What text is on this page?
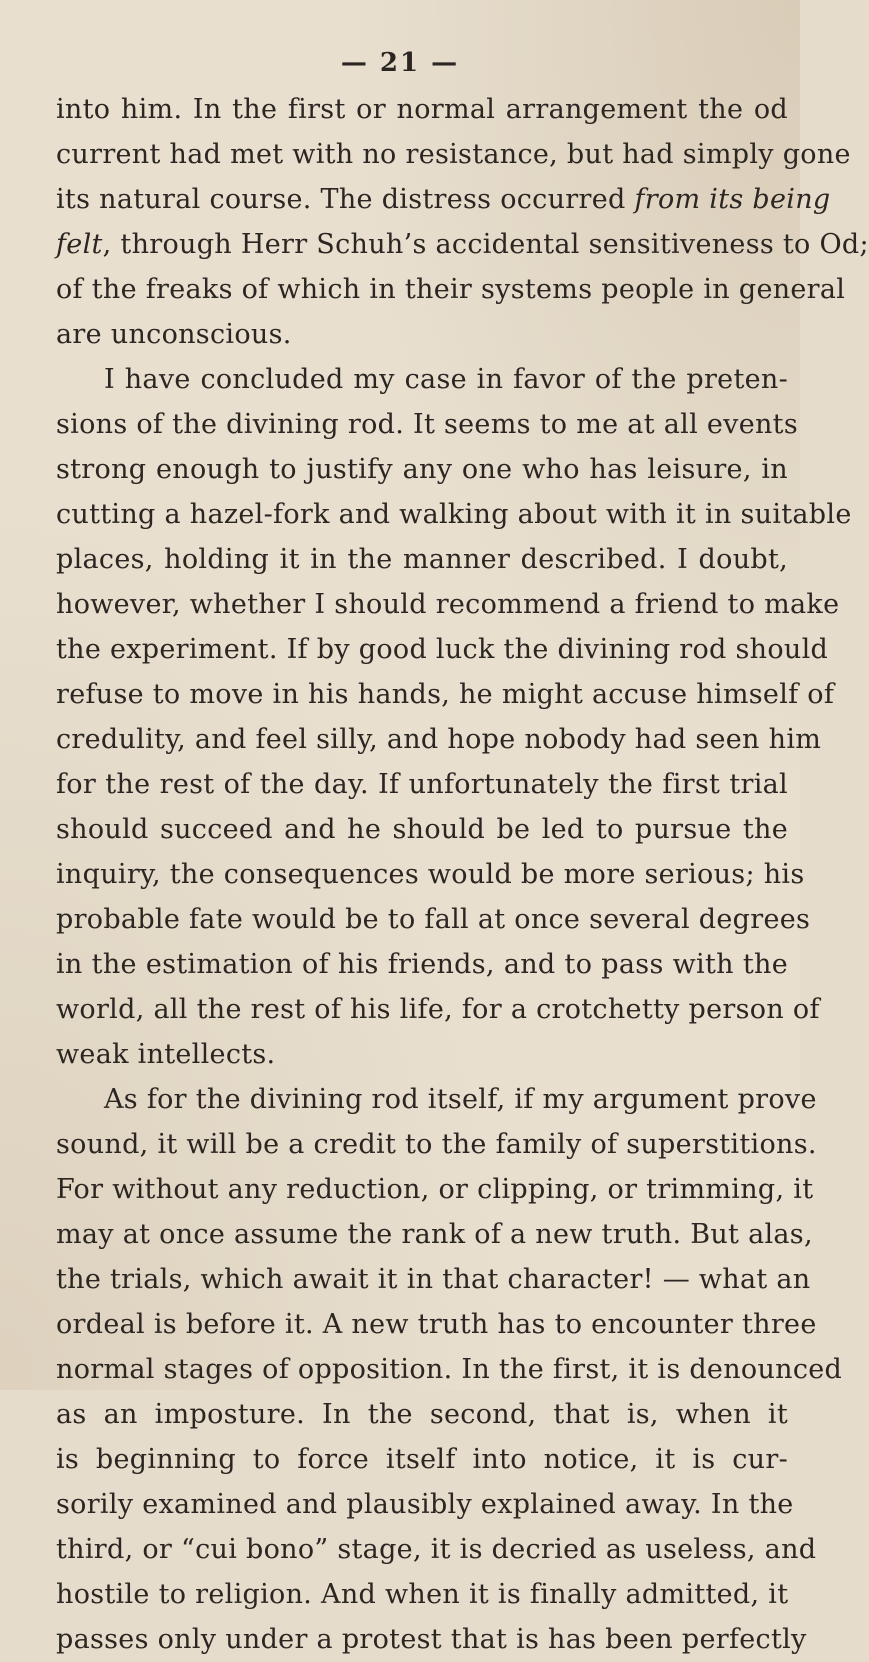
— 21 —
into him. In the first or normal arrangement the od
current had met with no resistance, but had simply gone
its natural course. The distress occurred from its being
felt, through Herr Schuh’s accidental sensitiveness to Od;
of the freaks of which in their systems people in general
are unconscious.
I have concluded my case in favor of the preten-
sions of the divining rod. It seems to me at all events
strong enough to justify any one who has leisure, in
cutting a hazel-fork and walking about with it in suitable
places, holding it in the manner described. I doubt,
however, whether I should recommend a friend to make
the experiment. If by good luck the divining rod should
refuse to move in his hands, he might accuse himself of
credulity, and feel silly, and hope nobody had seen him
for the rest of the day. If unfortunately the first trial
should succeed and he should be led to pursue the
inquiry, the consequences would be more serious; his
probable fate would be to fall at once several degrees
in the estimation of his friends, and to pass with the
world, all the rest of his life, for a crotchetty person of
weak intellects.
As for the divining rod itself, if my argument prove
sound, it will be a credit to the family of superstitions.
For without any reduction, or clipping, or trimming, it
may at once assume the rank of a new truth. But alas,
the trials, which await it in that character! — what an
ordeal is before it. A new truth has to encounter three
normal stages of opposition. In the first, it is denounced
as an imposture. In the second, that is, when it
is beginning to force itself into notice, it is cur-
sorily examined and plausibly explained away. In the
third, or “cui bono” stage, it is decried as useless, and
hostile to religion. And when it is finally admitted, it
passes only under a protest that is has been perfectly
